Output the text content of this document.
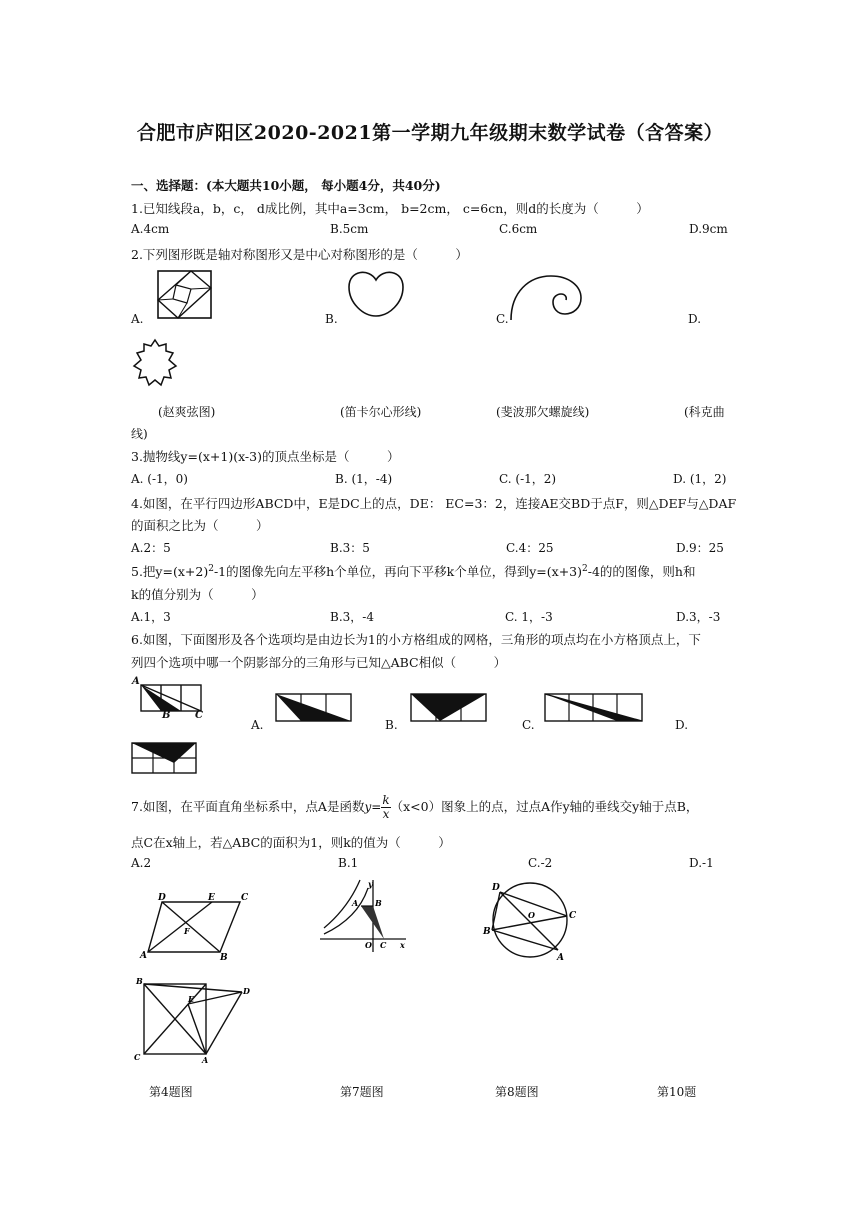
合肥市庐阳区2020-2021第一学期九年级期末数学试卷（含答案）
一、选择题：(本大题共10小题， 每小题4分，共40分)
1.已知线段a，b，c， d成比例，其中a=3cm， b=2cm， c=6cn，则d的长度为（　　　）
A.4cm	B.5cm	C.6cm	D.9cm
2.下列图形既是轴对称图形又是中心对称图形的是（　　　）
A.	B.	C.	D.
(赵爽弦图)	(笛卡尔心形线)	(斐波那欠螺旋线)	(科克曲
线)
3.抛物线y=(x+1)(x-3)的顶点坐标是（　　　）
A. (-1，0)	B. (1，-4)	C. (-1，2)	D. (1，2)
4.如图，在平行四边形ABCD中，E是DC上的点，DE： EC=3：2，连接AE交BD于点F，则△DEF与△DAF
的面积之比为（　　　）
A.2：5	B.3：5	C.4：25	D.9：25
5.把$y=(x+2)^2-1$的图像先向左平移h个单位，再向下平移k个单位，得到$y=(x+3)^2-4$的的图像，则h和
k的值分别为（　　　）
A.1，3	B.3，-4	C. 1，-3	D.3，-3
6.如图，下面图形及各个选项均是由边长为1的小方格组成的网格，三角形的项点均在小方格顶点上，下
列四个选项中哪一个阴影部分的三角形与已知△ABC相似（　　　）
A
B C
A.	B.	C.	D.
7.如图，在平面直角坐标系中，点A是函数$y= \frac{k}{x} (x<0)$图象上的点，过点A作y轴的垂线交y轴于点B，
点C在x轴上，若△ABC的面积为1，则k的值为（　　　）
A.2	B.1	C.-2	D.-1
D	E	C
F
A	B
y
A B
O C x
D
O	C
B
A
B
E
D
C	A
第4题图	第7题图	第8题图	第10题
